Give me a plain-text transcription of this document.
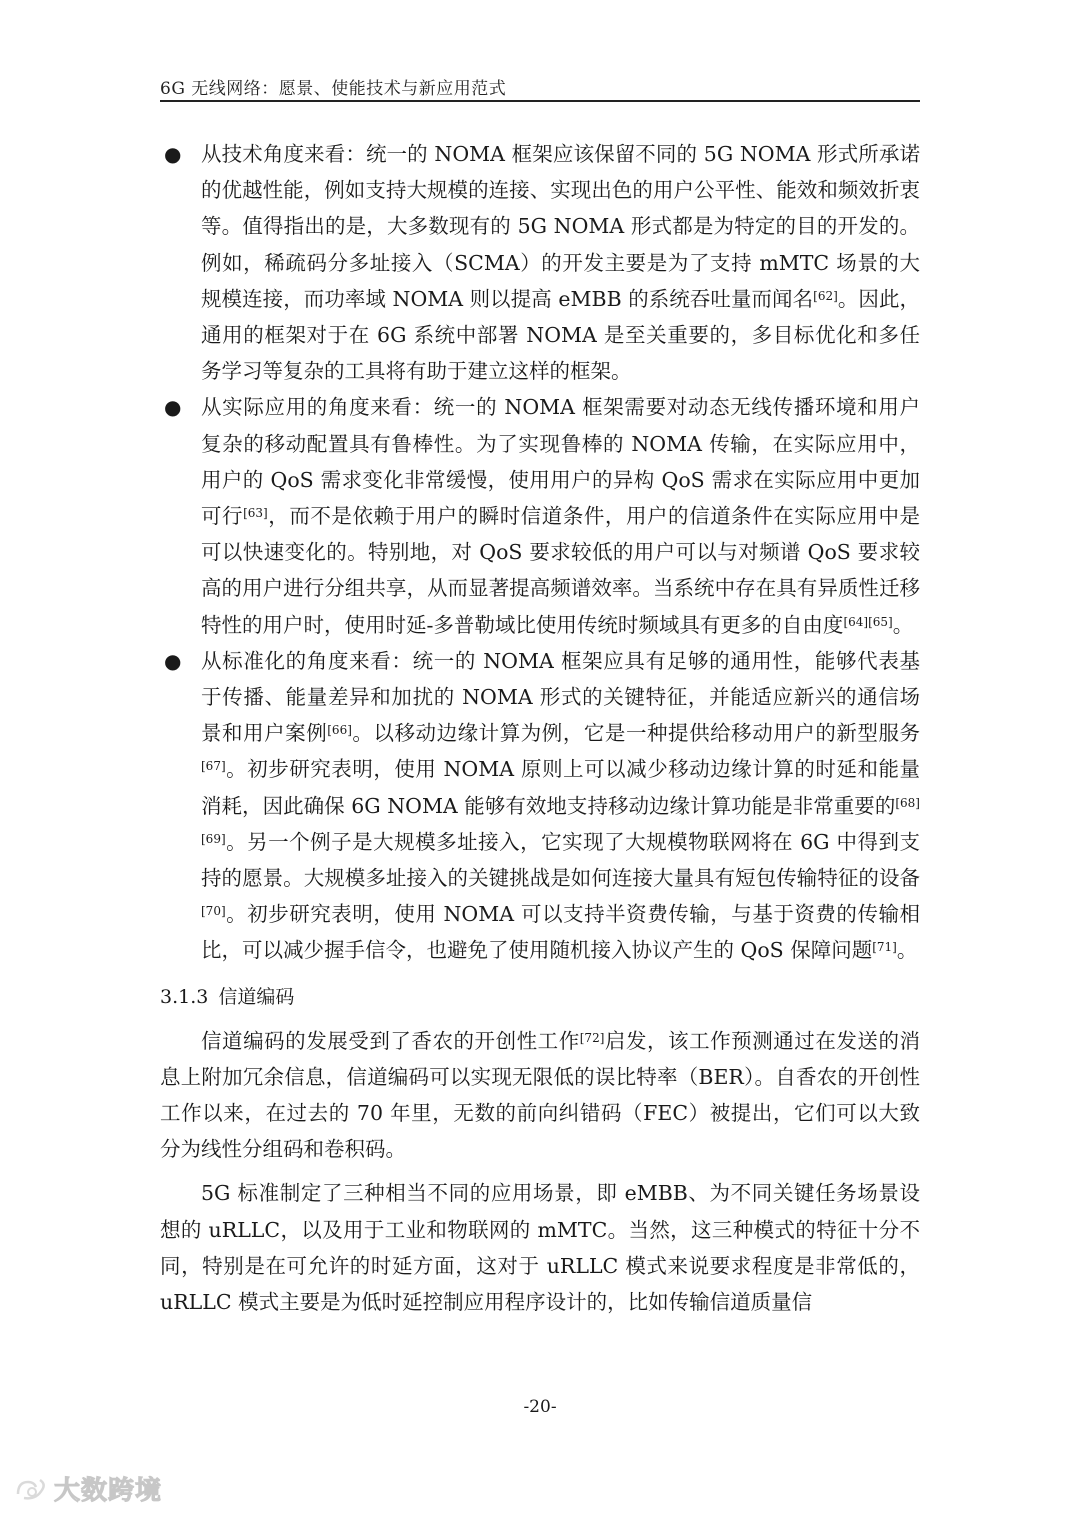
6G 无线网络：愿景、使能技术与新应用范式
● 从技术角度来看：统一的 NOMA 框架应该保留不同的 5G NOMA 形式所承诺的优越性能，例如支持大规模的连接、实现出色的用户公平性、能效和频效折衷等。值得指出的是，大多数现有的 5G NOMA 形式都是为特定的目的开发的。例如，稀疏码分多址接入（SCMA）的开发主要是为了支持 mMTC 场景的大规模连接，而功率域 NOMA 则以提高 eMBB 的系统吞吐量而闻名[62]。因此，通用的框架对于在 6G 系统中部署 NOMA 是至关重要的，多目标优化和多任务学习等复杂的工具将有助于建立这样的框架。

● 从实际应用的角度来看：统一的 NOMA 框架需要对动态无线传播环境和用户复杂的移动配置具有鲁棒性。为了实现鲁棒的 NOMA 传输，在实际应用中，用户的 QoS 需求变化非常缓慢，使用用户的异构 QoS 需求在实际应用中更加可行[63]，而不是依赖于用户的瞬时信道条件，用户的信道条件在实际应用中是可以快速变化的。特别地，对 QoS 要求较低的用户可以与对频谱 QoS 要求较高的用户进行分组共享，从而显著提高频谱效率。当系统中存在具有异质性迁移特性的用户时，使用时延-多普勒域比使用传统时频域具有更多的自由度[64][65]。

● 从标准化的角度来看：统一的 NOMA 框架应具有足够的通用性，能够代表基于传播、能量差异和加扰的 NOMA 形式的关键特征，并能适应新兴的通信场景和用户案例[66]。以移动边缘计算为例，它是一种提供给移动用户的新型服务[67]。初步研究表明，使用 NOMA 原则上可以减少移动边缘计算的时延和能量消耗，因此确保 6G NOMA 能够有效地支持移动边缘计算功能是非常重要的[68][69]。另一个例子是大规模多址接入，它实现了大规模物联网将在 6G 中得到支持的愿景。大规模多址接入的关键挑战是如何连接大量具有短包传输特征的设备[70]。初步研究表明，使用 NOMA 可以支持半资费传输，与基于资费的传输相比，可以减少握手信令，也避免了使用随机接入协议产生的 QoS 保障问题[71]。

3.1.3 信道编码

信道编码的发展受到了香农的开创性工作[72]启发，该工作预测通过在发送的消息上附加冗余信息，信道编码可以实现无限低的误比特率（BER）。自香农的开创性工作以来，在过去的 70 年里，无数的前向纠错码（FEC）被提出，它们可以大致分为线性分组码和卷积码。

5G 标准制定了三种相当不同的应用场景，即 eMBB、为不同关键任务场景设想的 uRLLC，以及用于工业和物联网的 mMTC。当然，这三种模式的特征十分不同，特别是在可允许的时延方面，这对于 uRLLC 模式来说要求程度是非常低的，uRLLC 模式主要是为低时延控制应用程序设计的，比如传输信道质量信

-20-
大数跨境
